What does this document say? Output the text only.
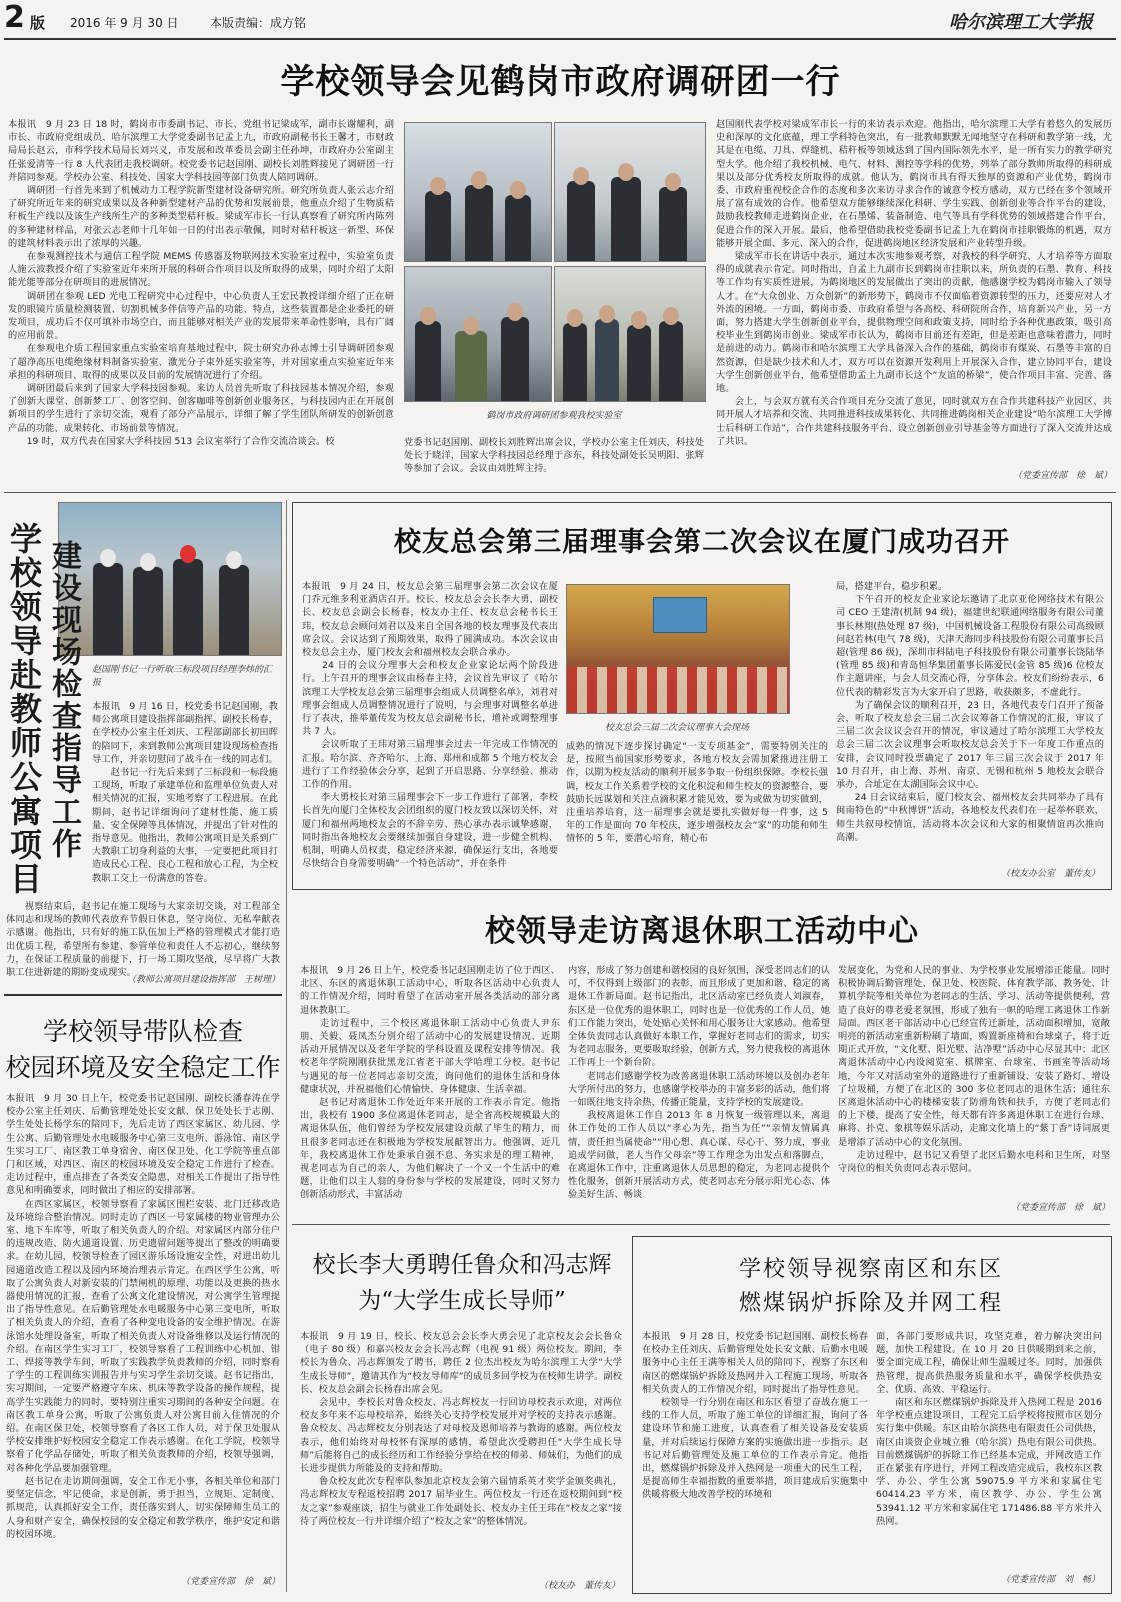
2 版 2016 年 9 月 30 日	本版责编：成方铭	哈尔滨理工大学报
学校领导会见鹤岗市政府调研团一行
本报讯　9 月 23 日 18 时，鹤岗市市委副书记、市长、党组书记梁成军，副市长谢耀利，副市长、市政府党组成员、哈尔滨理工大学党委副书记孟上九，市政府副秘书长王馨才，市财政局局长赵云，市科学技术局局长刘兴义，市发展和改革委员会副主任孙坤，市政府办公室副主任张爱清等一行 8 人代表团走我校调研。校党委书记赵国刚、副校长刘胜辉接见了调研团一行并陪同参观。学校办公室、科技处、国家大学科技园等部门负责人陪同调研。
　　调研团一行首先来到了机械动力工程学院新型建材设备研究所。研究所负责人张云志介绍了研究所近年来的研究成果以及各种新型建材产品的优势和发展前景，他重点介绍了生物质秸秆板生产线以及该生产线所生产的多种类型秸秆板。梁成军市长一行认真察看了研究所内陈列的多种建材样品，对张云志老师十几年如一日的付出表示敬佩，同时对秸秆板这一新型、环保的建筑材料表示出了浓厚的兴趣。
　　在参观测控技术与通信工程学院 MEMS 传感器及物联网技术实验室过程中，实验室负责人施云波教授介绍了实验室近年来所开展的科研合作项目以及所取得的成果，同时介绍了太阳能光能等部分在研项目的进展情况。
　　调研团在参观 LED 光电工程研究中心过程中，中心负责人王宏民教授详细介绍了正在研发的眼镜片质量检测装置、切割机械多伴信等产品的功能、特点，这些装置都是企业委托的研发项目，成功后不仅可填补市场空白，而且能够对相关产业的发展带来革命性影响，具有广阔的应用前景。
　　在参观电介质工程国家重点实验室培育基地过程中，院士研究办孙志博士引导调研团参观了超净高压电缆绝缘材料制备实验室、激光分子束外延实验室等，并对国家重点实验室近年来承担的科研项目、取得的成果以及目前的发展情况进行了介绍。
　　调研团最后来到了国家大学科技园参观。来访人员首先听取了科技园基本情况介绍，参观了创新大课堂、创新梦工厂、创客空间、创客咖啡等创新创业服务区，与科技园内正在开展创新项目的学生进行了亲切交流，观看了部分产品展示，详细了解了学生团队所研发的创新创意产品的功能、成果转化、市场前景等情况。
　　19 时，双方代表在国家大学科技园 513 会议室举行了合作交流洽谈会。校
鹤岗市政府调研团参观我校实验室
党委书记赵国刚、副校长刘胜辉出席会议，学校办公室主任刘庆，科技处处长于晓洋，国家大学科技园总经理于彦东，科技处副处长吴明阳、张辉等参加了会议。会议由刘胜辉主持。
赵国刚代表学校对梁成军市长一行的来访表示欢迎。他指出，哈尔滨理工大学有着悠久的发展历史和深厚的文化底蕴，理工学科特色突出，有一批教师默默无闻地坚守在科研和教学第一线，尤其是在电缆、刀具、焊缝机、秸秆板等领域达到了国内国际领先水平，是一所有实力的教学研究型大学。他介绍了我校机械、电气、材料、测控等学科的优势，列举了部分教师所取得的科研成果以及部分优秀校友所取得的成就。他认为，鹤岗市具有得天独厚的资源和产业优势，鹤岗市委、市政府重视校企合作的态度和多次来访寻求合作的诚意令校方感动，双方已经在多个领域开展了富有成效的合作。他希望双方能够继续深化科研、学生实践、创新创业等合作平台的建设，鼓励我校教师走进鹤岗企业，在石墨烯、装备制造、电气等具有学科优势的领域搭建合作平台，促进合作的深入开展。最后，他希望借助我校党委副书记孟上九在鹤岗市挂职锻炼的机遇，双方能够开展全面、多元、深入的合作，促进鹤岗地区经济发展和产业转型升级。
　　梁成军市长在讲话中表示，通过本次实地参观考察，对我校的科学研究、人才培养等方面取得的成就表示肯定。同时指出，自孟上九副市长到鹤岗市挂职以来，所负责的石墨、教育、科技等工作均有实质性进展，为鹤岗地区的发展做出了突出的贡献，他感谢学校为鹤岗市输入了领导人才。在“大众创业、万众创新”的新形势下，鹤岗市不仅面临着资源转型的压力，还要应对人才外流的困境。一方面，鹤岗市委、市政府希望与各高校、科研院所合作，培育新兴产业，另一方面，努力搭建大学生创新创业平台，提供物理空间和政策支持，同时给予各种优惠政策，吸引高校毕业生到鹤岗市创业。梁成军市长认为，鹤岗市目前还有差距，但是差距也意味着潜力，同时是前进的动力。鹤岗市和哈尔滨理工大学具备深入合作的基础，鹤岗市有煤炭、石墨等丰富的自然资源，但是缺少技术和人才，双方可以在资源开发利用上开展深入合作，建立协同平台，建设大学生创新创业平台，他希望借助孟上九副市长这个“友谊的桥梁”，使合作项目丰富、完善、落地。
　　会上，与会双方就有关合作项目充分交流了意见，同时就双方在合作共建科技产业园区、共同开展人才培养和交流、共同推进科技成果转化、共同推进鹤岗相关企业建设“哈尔滨理工大学博士后科研工作站”，合作共建科技服务平台、设立创新创业引导基金等方面进行了深入交流并达成了共识。
（党委宣传部　徐　斌）
赵国刚书记一行听取三标段项目经理李炜的汇报
建设现场检查指导工作
学校领导赴教师公寓项目	本报讯　9 月 16 日，校党委书记赵国刚，教师公寓项目建设指挥部副指挥、副校长杨春，在学校办公室主任刘庆、工程部副部长初田晖的陪同下，来到教师公寓项目建设现场检查指导工作，并亲切慰问了战斗在一线的同志们。
　　赵书记一行先后来到了三标段和一标段施工现场，听取了承建单位和监理单位负责人对相关情况的汇报，实地考察了工程进展。在此期间，赵书记详细询问了建材性能、施工质量、安全保障等具体情况，并提出了针对性的指导意见。他指出，教师公寓项目是关系到广大教职工切身利益的大事，一定要把此项目打造成民心工程、良心工程和放心工程，为全校教职工交上一份满意的答卷。
　　视察结束后，赵书记在施工现场与大家亲切交谈，对工程部全体同志和现场的教师代表放弃节假日休息，坚守岗位、无私奉献表示感谢。他指出，只有好的施工队伍加上严格的管理模式才能打造出优质工程，希望所有参建、参管单位和责任人不忘初心，继续努力，在保证工程质量的前提下，打一场工期攻坚战，尽早将广大教职工住进新建的期盼变成现实。
（教师公寓项目建设指挥部　王树理）
学校领导带队检查
校园环境及安全稳定工作
本报讯　9 月 30 日上午，校党委书记赵国刚、副校长潘春涛在学校办公室主任刘庆、后勤管理处处长安文献、保卫处处长于志刚、学生处处长杨学东的陪同下，先后走访了西区家属区、幼儿园、学生公寓、后勤管理处水电暖服务中心第三支电所、游泳馆、南区学生实习工厂、南区教工单身宿舍、南区保卫处、化工学院等重点部门和区域，对西区、南区的校园环境及安全稳定工作进行了检查。走访过程中，重点排查了各类安全隐患，对相关工作提出了指导性意见和明确要求，同时做出了相应的安排部署。
　　在西区家属区，校领导察看了家属区围栏安装、北门迁移改造及环境综合整治情况。同时走访了西区一号家属楼的物业管理办公室、地下车库等，听取了相关负责人的介绍。对家属区内部分住户的违规改造、防火通道设置、历史遗留问题等提出了整改的明确要求。在幼儿园，校领导检查了园区游乐场设施安全性，对进出幼儿园通道改造工程以及园内环境治理表示肯定。在西区学生公寓，听取了公寓负责人对新安装的门禁闸机的原理、功能以及更换的热水器使用情况的汇报，查看了公寓文化建设情况，对公寓学生管理提出了指导性意见。在后勤管理处水电暖服务中心第三变电所，听取了相关负责人的介绍，查看了各种变电设备的安全维护情况。在游泳馆水处理设备室，听取了相关负责人对设备维修以及运行情况的介绍。在南区学生实习工厂，校领导察看了工程训练中心机加、钳工、焊接等教学车间，听取了实践教学负责教师的介绍，同时察看了学生的工程训练实训报告并与实习学生亲切交谈。赵书记指出，实习期间，一定要严格遵守车床、机床等教学设备的操作规程，提高学生实践能力的同时，要特别注重实习期间的各种安全问题。在南区教工单身公寓，听取了公寓负责人对公寓目前入住情况的介绍。在南区保卫处，校领导察看了各区工作人员，对于保卫处服从学校安排维护好校园安全稳定工作表示感谢。在化工学院，校领导察看了化学品存储处，听取了相关负责教师的介绍，校领导强调，对各种化学品要加强管理。
　　赵书记在走访期间强调，安全工作无小事，各相关单位和部门要坚定信念，牢记使命，求是创新，勇于担当，立规矩、定制度、抓规范，认真抓好安全工作，责任落实到人，切实保障师生员工的人身和财产安全，确保校园的安全稳定和教学秩序，维护安定和谐的校园环境。
（党委宣传部　徐　斌）
校友总会第三届理事会第二次会议在厦门成功召开
本报讯　9 月 24 日，校友总会第三届理事会第二次会议在厦门乔元维多利亚酒店召开。校长、校友总会会长李大勇，副校长、校友总会副会长杨春，校友办主任、校友总会秘书长王玮，校友总会顾问刘君以及来自全国各地的校友理事及代表出席会议。会议达到了预期效果，取得了圆满成功。本次会议由校友总会主办，厦门校友会和福州校友会联合承办。
　　24 日的会议分理事大会和校友企业家论坛两个阶段进行。上午召开的理事会议由杨春主持，会议首先审议了《哈尔滨理工大学校友总会第三届理事会组成人员调整名单》，刘君对理事会组成人员调整情况进行了说明，与会理事对调整名单进行了表决，推举董传发为校友总会副秘书长，增补或调整理事共 7 人。
　　会议听取了王玮对第三届理事会过去一年完成工作情况的汇报。哈尔滨、齐齐哈尔、上海、郑州和成都 5 个地方校友会进行了工作经验体会分享，起到了开启思路、分享经验、推动工作的作用。
　　李大勇校长对第三届理事会下一步工作进行了部署，李校长首先向厦门全体校友会团组织的厦门校友致以深切关怀，对厦门和福州两地校友会的不辞辛劳、热心承办表示诚挚感谢，同时指出各地校友会要继续加强自身建设，进一步健全机构、机制，明确人员权责，稳定经济来源，确保运行支出，各地要尽快结合自身需要明确“一个特色活动”，并在条件
校友总会三届二次会议理事大会现场
成熟的情况下逐步探讨确定“一支专项基金”，需要特别关注的是，按照当前国家形势要求，各地方校友会需加紧推进注册工作，以期为校友活动的顺利开展多争取一份组织保障。李校长强调，校友工作关系着学校的文化积淀和师生校友的资源整合，要鼓励长远谋划和关注点滴积累才能见效，要为或做为切实做到，注重培养培育，这一届理事会就是要扎实做好每一件事，这 5 年的工作是面向 70 年校庆，逐步增强校友会“家”的功能和师生情怀的 5 年，要潜心培育，精心布
局，搭建平台，稳步积累。
　　下午召开的校友企业家论坛邀请了北京亚伦网络技术有限公司 CEO 王建清(机制 94 级)，福建世纪联通网络服务有限公司董事长林翔(热处理 87 级)，中国机械设备工程股份有限公司高级顾问赵若林(电气 78 级)，天津天海同步科技股份有限公司董事长吕超(管理 86 级)，深圳市科陆电子科技股份有限公司董事长饶陆华(管理 85 级)和青岛恒华集团董事长陈爱民(金管 85 级)6 位校友作主题讲座，与会人员交流心得，分享体会。校友们纷纷表示，6 位代表的精彩发言为大家开启了思路，收获颇多，不虚此行。
　　为了确保会议的顺利召开，23 日，各地代表专门召开了预备会，听取了校友总会三届二次会议筹备工作情况的汇报，审议了三届二次会议议会召开的情况，审议通过了哈尔滨理工大学校友总会三届二次会议理事会听取校友总会关于下一年度工作重点的安排，会议同时投票确定了 2017 年三届三次会议于 2017 年 10 月召开，由上海、苏州、南京、无锡和杭州 5 地校友会联合承办，合址定在太湖国际会议中心。
　　24 日会议结束后，厦门校友会、福州校友会共同举办了具有闽南特色的“中秋博饼”活动，各地校友代表们在一起举杯联欢，师生共叙母校情谊，活动将本次会议和大家的相聚情谊再次推向高潮。
（校友办公室　董传友）
校领导走访离退休职工活动中心
本报讯　9 月 26 日上午，校党委书记赵国刚走访了位于西区、北区、东区的离退休职工活动中心，听取各区活动中心负责人的工作情况介绍，同时看望了在活动室开展各类活动的部分离退休教职工。
　　走访过程中，三个校区离退休职工活动中心负责人尹东朋、关毅、聂凤杰分别介绍了活动中心的发展建设情况、近期活动开展情况以及老年学院的学科设置及课程安排等情况。我校老年学院刚刚获批黑龙江省老干部大学哈理工分校。赵书记与遇见的每一位老同志亲切交流，询问他们的退休生活和身体健康状况，并祝福他们心情愉快、身体健康、生活幸福。
　　赵书记对离退休工作处近年来开展的工作表示肯定。他指出，我校有 1900 多位离退休老同志，是全省高校规模最大的离退休队伍，他们曾经为学校发展建设贡献了毕生的精力，而且很多老同志还在积极地为学校发展献智出力。他强调，近几年，我校离退休工作处秉承自强不息、务实求是的理工精神，视老同志为自己的亲人，为他们解决了一个又一个生活中的难题，让他们以主人翁的身份参与学校的发展建设，同时又努力创新活动形式，丰富活动
内容，形成了努力创建和谐校园的良好氛围，深受老同志们的认可，不仅得到上级部门的表彰，而且形成了更加和谐、稳定的离退休工作新局面。赵书记指出，北区活动室已经负责人刘淑春，东区是一位优秀的退休职工，同时也是一位优秀的工作人员，她们工作能力突出，处处贴心关怀和用心服务让大家感动。他希望全体负责同志认真做好本职工作，掌握好老同志们的需求，切实为老同志服务，更要吸取经验，创新方式，努力使我校的离退休工作再上一个新台阶。
　　老同志们感谢学校为改善离退休职工活动环境以及创办老年大学所付出的努力，也感谢学校举办的丰富多彩的活动，他们将一如既往地支持余热，传播正能量，支持学校的发展建设。
　　我校离退休工作自 2013 年 8 月恢复一级管理以来，离退休工作处的工作人员以“孝心为先，指当为任”“亲情友情属真情，责任担当属使命”“用心想、真心谋、尽心干、努力成，事业追成学问做，老人当作父母亲”等工作理念为出发点和落脚点，在离退休工作中，注重离退休人员思想的稳定，为老同志提供个性化服务，创新开展活动方式，使老同志充分展示阳光心态、体验美好生活、畅谈
发展变化，为党和人民的事业、为学校事业发展增添正能量。同时积极协调后勤管理处、保卫处、校医院、体育教学部、教务处、计算机学院等相关单位为老同志的生活、学习、活动等提供便利，营造了良好的尊老爱老氛围，形成了独有一帜的哈理工离退休工作新局面。西区老干部活动中心已经宣传迁新址，活动面积增加，宽敞明亮的新活动室重新粉刷了墙面，购置新座椅和台球桌子，将于近期正式开放，“文化墅、阳光墅、洁净墅”活动中心尽显其中；北区离退休活动中心内设阅览室、棋牌室、台球室、书画室等活动场地，今年又对活动室外的道路进行了重新铺设、安装了路灯、增设了垃圾桶，方便了在北区的 300 多位老同志的退休生活；通往东区离退休活动中心的楼梯安装了防滑角铁和扶手，方便了老同志们的上下楼，提高了安全性，每天都有许多离退休职工在进行台球、麻将、扑克、象棋等娱乐活动，走廊文化墙上的“紫丁香”诗词展更是增添了活动中心的文化氛围。
　　走访过程中，赵书记又看望了北区后勤水电科和卫生所，对坚守岗位的相关负责同志表示慰问。
（党委宣传部　徐　斌）
校长李大勇聘任鲁众和冯志辉
为“大学生成长导师”
本报讯　9 月 19 日，校长、校友总会会长李大勇会见了北京校友会会长鲁众（电子 80 级）和嘉兴校友会会长冯志辉（电视 91 级）两位校友。期间，李校长为鲁众、冯志辉颁发了聘书，聘任 2 位杰出校友为哈尔滨理工大学“大学生成长导师”，邀请其作为“校友导师库”的成员多回学校为在校师生讲学。副校长、校友总会副会长杨春出席会见。
　　会见中，李校长对鲁众校友、冯志辉校友一行回访母校表示欢迎，对两位校友多年来不忘母校培养，始终关心支持学校发展并对学校的支持表示感谢。鲁众校友、冯志辉校友分别表达了对母校及恩师培养与教诲的感谢。两位校友表示，他们始终对母校怀有深厚的感情，希望此次受聘担任“大学生成长导师”后能将自己的成长经历和工作经验分享给在校的师弟、师妹们，为他们的成长进步提供力所能及的支持和帮助。
　　鲁众校友此次专程率队参加北京校友会第六届情系英才奖学金颁奖典礼，冯志辉校友专程返校招聘 2017 届毕业生。两位校友一行还在返校期间到“校友之家”参观座谈，招生与就业工作处副处长、校友办主任王玮在“校友之家”接待了两位校友一行并详细介绍了“校友之家”的整体情况。
（校友办　董传友）
学校领导视察南区和东区
燃煤锅炉拆除及并网工程
本报讯　9 月 28 日，校党委书记赵国刚、副校长杨春在校办主任刘庆、后勤管理处处长安文献、后勤水电暖服务中心主任王满等相关人员的陪同下，视察了东区和南区的燃煤锅炉拆除及热网并入工程施工现场，听取各相关负责人的工作情况介绍，同时提出了指导性意见。
　　校领导一行分别在南区和东区看望了奋战在施工一线的工作人员，听取了施工单位的详细汇报，询问了各建设环节和施工进度，认真查看了相关设备及安装质量，并对后续运行保障方案的实施做出进一步指示。赵书记对后勤管理处及施工单位的工作表示肯定。他指出，燃煤锅炉拆除及并入热网是一项重大的民生工程，是提高师生幸福指数的重要举措，项目建成后实施集中供暖将极大地改善学校的环境和
面，各部门要形成共识，攻坚克难，着力解决突出问题，加快工程建设。在 10 月 20 日供暖期到来之前，要全面完成工程，确保让师生温暖过冬。同时，加强供热管理，提高供热服务质量和水平，确保学校供热安全、优质、高效、平稳运行。
　　南区和东区燃煤锅炉拆除及并入热网工程是 2016 年学校重点建设项目，工程完工后学校将按照市区划分实行集中供暖。东区由哈尔滨热电有限责任公司供热，南区由谈资企业城立雅（哈尔滨）热电有限公司供热。目前燃煤锅炉的拆除工作已经基本完成，并网改造工作正在紧张有序进行，并网工程改造完成后，我校东区教学、办公、学生公寓 59075.9 平方米和家属住宅 60414.23 平方米，南区教学、办公、学生公寓 53941.12 平方米和家属住宅 171486.88 平方米并入热网。
（党委宣传部　刘　畅）
